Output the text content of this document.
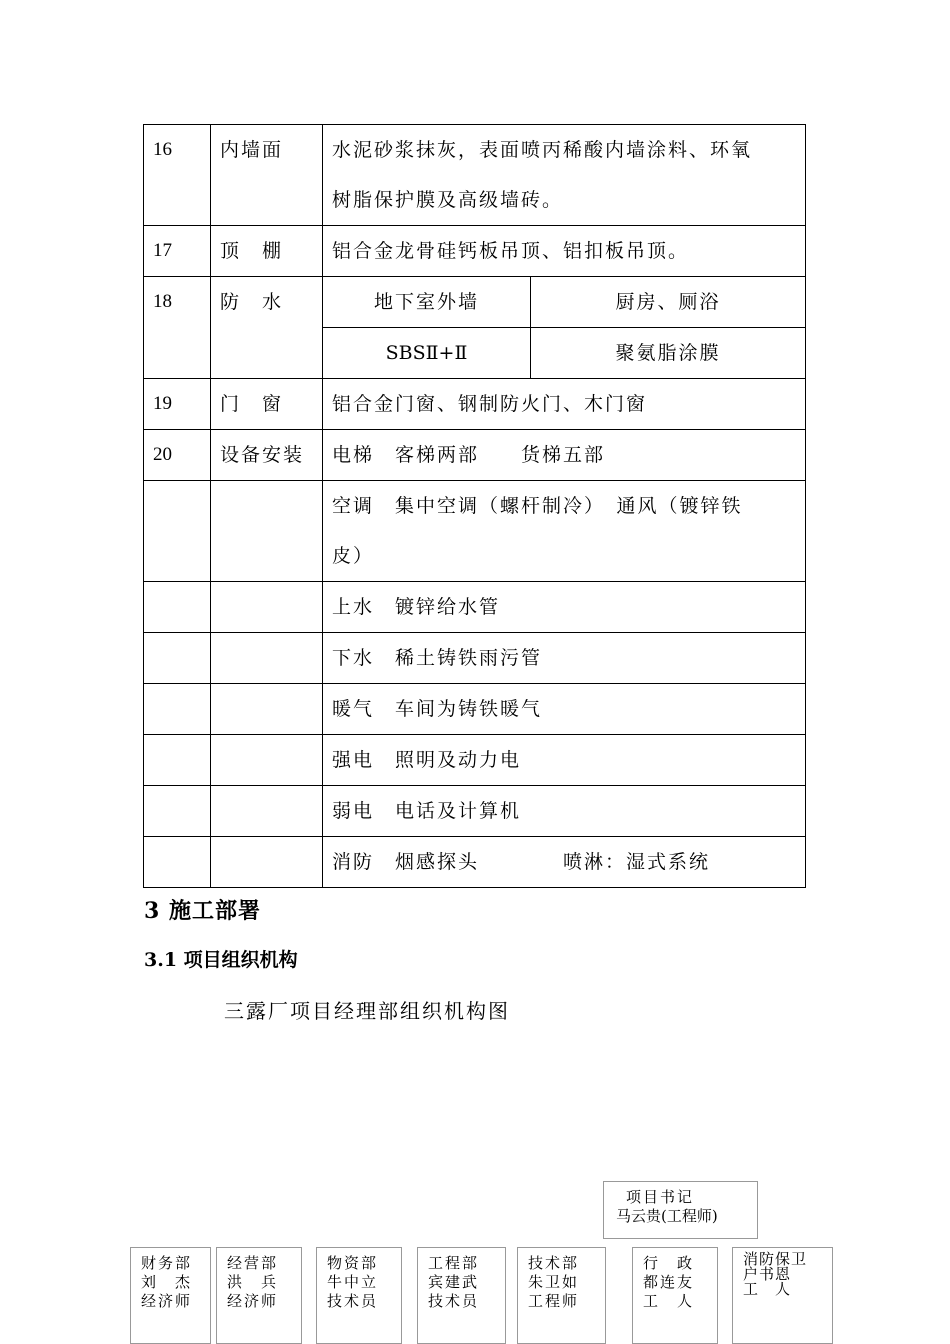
16	内墙面	水泥砂浆抹灰，表面喷丙稀酸内墙涂料、环氧
树脂保护膜及高级墙砖。	

17	顶　棚	铝合金龙骨硅钙板吊顶、铝扣板吊顶。	
18	防　水	地下室外墙	厨房、厕浴
		SBSⅡ+Ⅱ	聚氨脂涂膜
19	门　窗	铝合金门窗、钢制防火门、木门窗	
20	设备安装	电梯　客梯两部　　货梯五部	

		空调　集中空调（螺杆制冷）　通风（镀锌铁
皮）	

		上水　镀锌给水管	
		下水　稀土铸铁雨污管	
		暖气　车间为铸铁暖气	
		强电　照明及动力电	
		弱电　电话及计算机	
		消防　烟感探头　　　　喷淋：湿式系统	
3 施工部署
3.1 项目组织机构
三露厂项目经理部组织机构图
项目书记
马云贵(工程师)
财务部
刘　杰
经济师
经营部
洪　兵
经济师
物资部
牛中立
技术员
工程部
宾建武
技术员
技术部
朱卫如
工程师
行　政
都连友
工　人
消防保卫
户书恩
工　人
